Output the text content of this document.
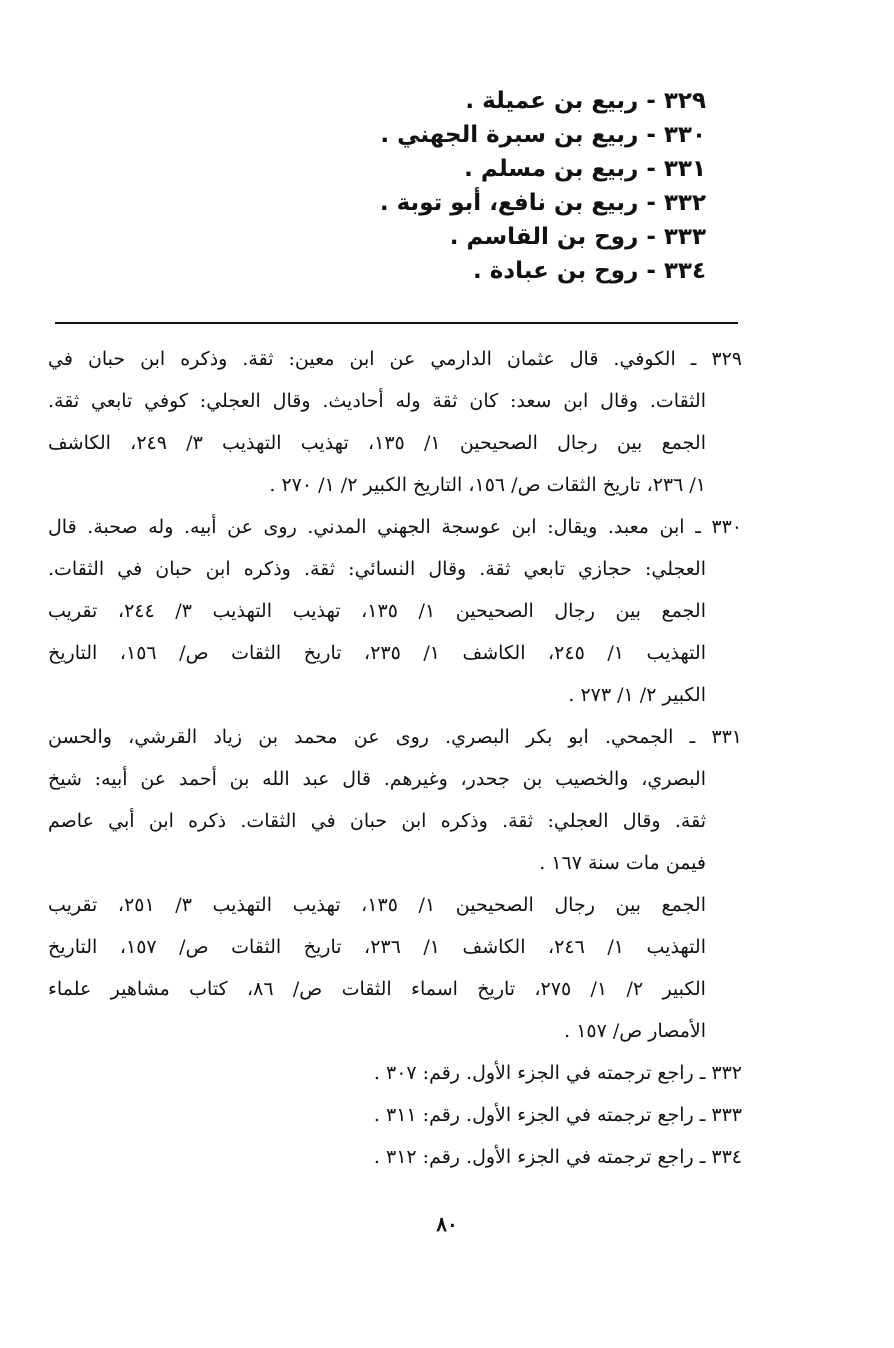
٣٢٩ - ربيع بن عميلة .
٣٣٠ - ربيع بن سبرة الجهني .
٣٣١ - ربيع بن مسلم .
٣٣٢ - ربيع بن نافع، أبو توبة .
٣٣٣ - روح بن القاسم .
٣٣٤ - روح بن عبادة .
٣٢٩ ـ الكوفي. قال عثمان الدارمي عن ابن معين: ثقة. وذكره ابن حبان في
الثقات. وقال ابن سعد: كان ثقة وله أحاديث. وقال العجلي: كوفي تابعي ثقة.
الجمع بين رجال الصحيحين ١/ ١٣٥، تهذيب التهذيب ٣/ ٢٤٩، الكاشف
١/ ٢٣٦، تاريخ الثقات ص/ ١٥٦، التاريخ الكبير ٢/ ١/ ٢٧٠ .
٣٣٠ ـ ابن معبد. ويقال: ابن عوسجة الجهني المدني. روى عن أبيه. وله صحبة. قال
العجلي: حجازي تابعي ثقة. وقال النسائي: ثقة. وذكره ابن حبان في الثقات.
الجمع بين رجال الصحيحين ١/ ١٣٥، تهذيب التهذيب ٣/ ٢٤٤، تقريب
التهذيب ١/ ٢٤٥، الكاشف ١/ ٢٣٥، تاريخ الثقات ص/ ١٥٦، التاريخ
الكبير ٢/ ١/ ٢٧٣ .
٣٣١ ـ الجمحي. ابو بكر البصري. روى عن محمد بن زياد القرشي، والحسن
البصري، والخصيب بن جحدر، وغيرهم. قال عبد الله بن أحمد عن أبيه: شيخ
ثقة. وقال العجلي: ثقة. وذكره ابن حبان في الثقات. ذكره ابن أبي عاصم
فيمن مات سنة ١٦٧ .
الجمع بين رجال الصحيحين ١/ ١٣٥، تهذيب التهذيب ٣/ ٢٥١، تقريب
التهذيب ١/ ٢٤٦، الكاشف ١/ ٢٣٦، تاريخ الثقات ص/ ١٥٧، التاريخ
الكبير ٢/ ١/ ٢٧٥، تاريخ اسماء الثقات ص/ ٨٦، كتاب مشاهير علماء
الأمصار ص/ ١٥٧ .
٣٣٢ ـ راجع ترجمته في الجزء الأول. رقم: ٣٠٧ .
٣٣٣ ـ راجع ترجمته في الجزء الأول. رقم: ٣١١ .
٣٣٤ ـ راجع ترجمته في الجزء الأول. رقم: ٣١٢ .
٨٠
